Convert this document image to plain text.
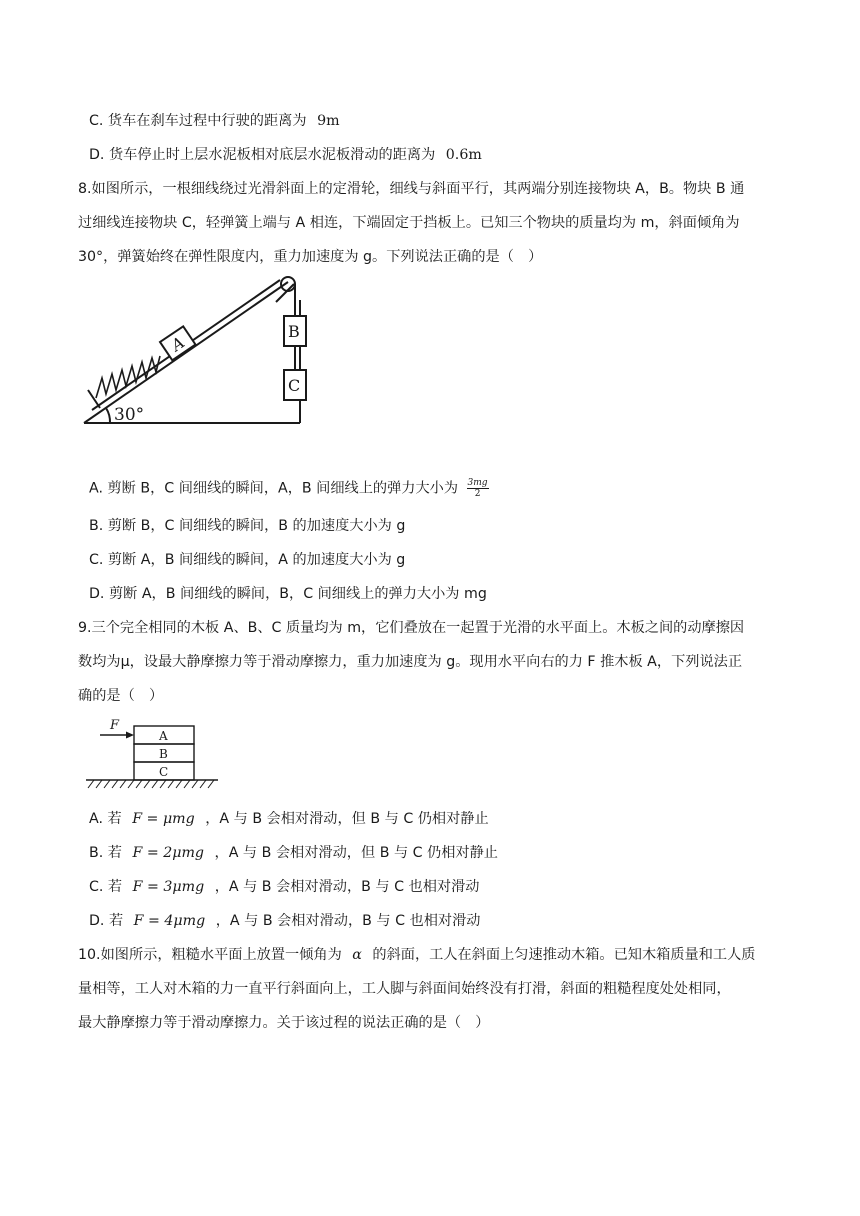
C. 货车在刹车过程中行驶的距离为 9m
D. 货车停止时上层水泥板相对底层水泥板滑动的距离为 0.6m
8.如图所示，一根细线绕过光滑斜面上的定滑轮，细线与斜面平行，其两端分别连接物块 A，B。物块 B 通
过细线连接物块 C，轻弹簧上端与 A 相连，下端固定于挡板上。已知三个物块的质量均为 m，斜面倾角为
30°，弹簧始终在弹性限度内，重力加速度为 g。下列说法正确的是（　）
A
B
C
30°
A. 剪断 B，C 间细线的瞬间，A，B 间细线上的弹力大小为 $\frac{3mg}{2}$
B. 剪断 B，C 间细线的瞬间，B 的加速度大小为 g
C. 剪断 A，B 间细线的瞬间，A 的加速度大小为 g
D. 剪断 A，B 间细线的瞬间，B，C 间细线上的弹力大小为 mg
9.三个完全相同的木板 A、B、C 质量均为 m，它们叠放在一起置于光滑的水平面上。木板之间的动摩擦因
数均为μ，设最大静摩擦力等于滑动摩擦力，重力加速度为 g。现用水平向右的力 F 推木板 A，下列说法正
确的是（　）
F
A
B
C
A. 若 F = μmg ，A 与 B 会相对滑动，但 B 与 C 仍相对静止
B. 若 F = 2μmg ，A 与 B 会相对滑动，但 B 与 C 仍相对静止
C. 若 F = 3μmg ，A 与 B 会相对滑动，B 与 C 也相对滑动
D. 若 F = 4μmg ，A 与 B 会相对滑动，B 与 C 也相对滑动
10.如图所示，粗糙水平面上放置一倾角为 α 的斜面，工人在斜面上匀速推动木箱。已知木箱质量和工人质
量相等，工人对木箱的力一直平行斜面向上，工人脚与斜面间始终没有打滑，斜面的粗糙程度处处相同，
最大静摩擦力等于滑动摩擦力。关于该过程的说法正确的是（　）
